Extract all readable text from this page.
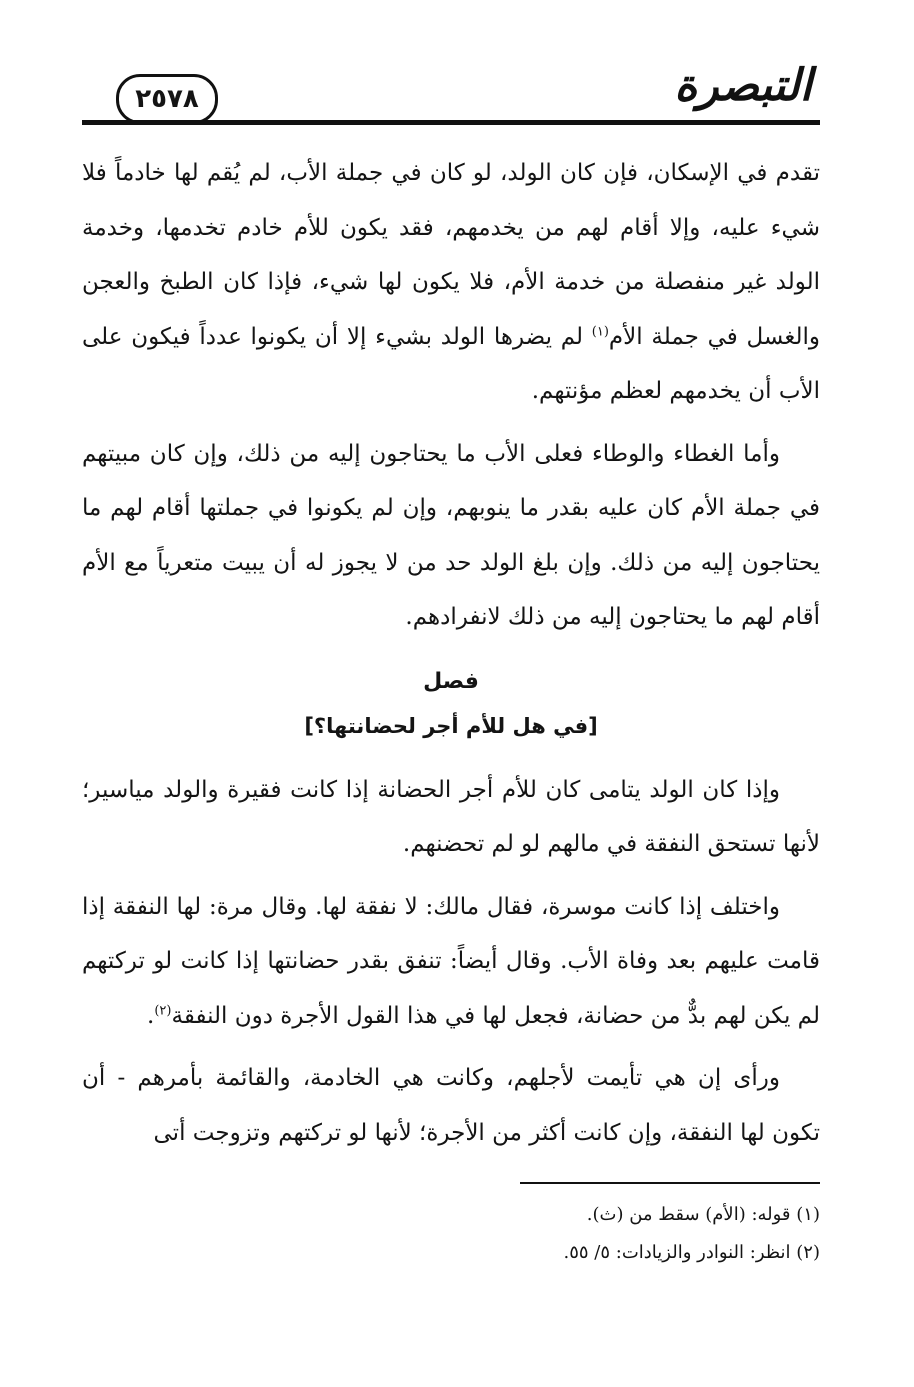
التبصرة
٢٥٧٨

تقدم في الإسكان، فإن كان الولد، لو كان في جملة الأب، لم يُقم لها خادماً فلا شيء عليه، وإلا أقام لهم من يخدمهم، فقد يكون للأم خادم تخدمها، وخدمة الولد غير منفصلة من خدمة الأم، فلا يكون لها شيء، فإذا كان الطبخ والعجن والغسل في جملة الأم$^{(١)}$ لم يضرها الولد بشيء إلا أن يكونوا عدداً فيكون على الأب أن يخدمهم لعظم مؤنتهم.

وأما الغطاء والوطاء فعلى الأب ما يحتاجون إليه من ذلك، وإن كان مبيتهم في جملة الأم كان عليه بقدر ما ينوبهم، وإن لم يكونوا في جملتها أقام لهم ما يحتاجون إليه من ذلك. وإن بلغ الولد حد من لا يجوز له أن يبيت متعرياً مع الأم أقام لهم ما يحتاجون إليه من ذلك لانفرادهم.

فصل
[في هل للأم أجر لحضانتها؟]

وإذا كان الولد يتامى كان للأم أجر الحضانة إذا كانت فقيرة والولد مياسير؛ لأنها تستحق النفقة في مالهم لو لم تحضنهم.

واختلف إذا كانت موسرة، فقال مالك: لا نفقة لها. وقال مرة: لها النفقة إذا قامت عليهم بعد وفاة الأب. وقال أيضاً: تنفق بقدر حضانتها إذا كانت لو تركتهم لم يكن لهم بدٌّ من حضانة، فجعل لها في هذا القول الأجرة دون النفقة$^{(٢)}$.

ورأى إن هي تأيمت لأجلهم، وكانت هي الخادمة، والقائمة بأمرهم - أن تكون لها النفقة، وإن كانت أكثر من الأجرة؛ لأنها لو تركتهم وتزوجت أتى

(١) قوله: (الأم) سقط من (ث).

(٢) انظر: النوادر والزيادات: ٥/ ٥٥.
